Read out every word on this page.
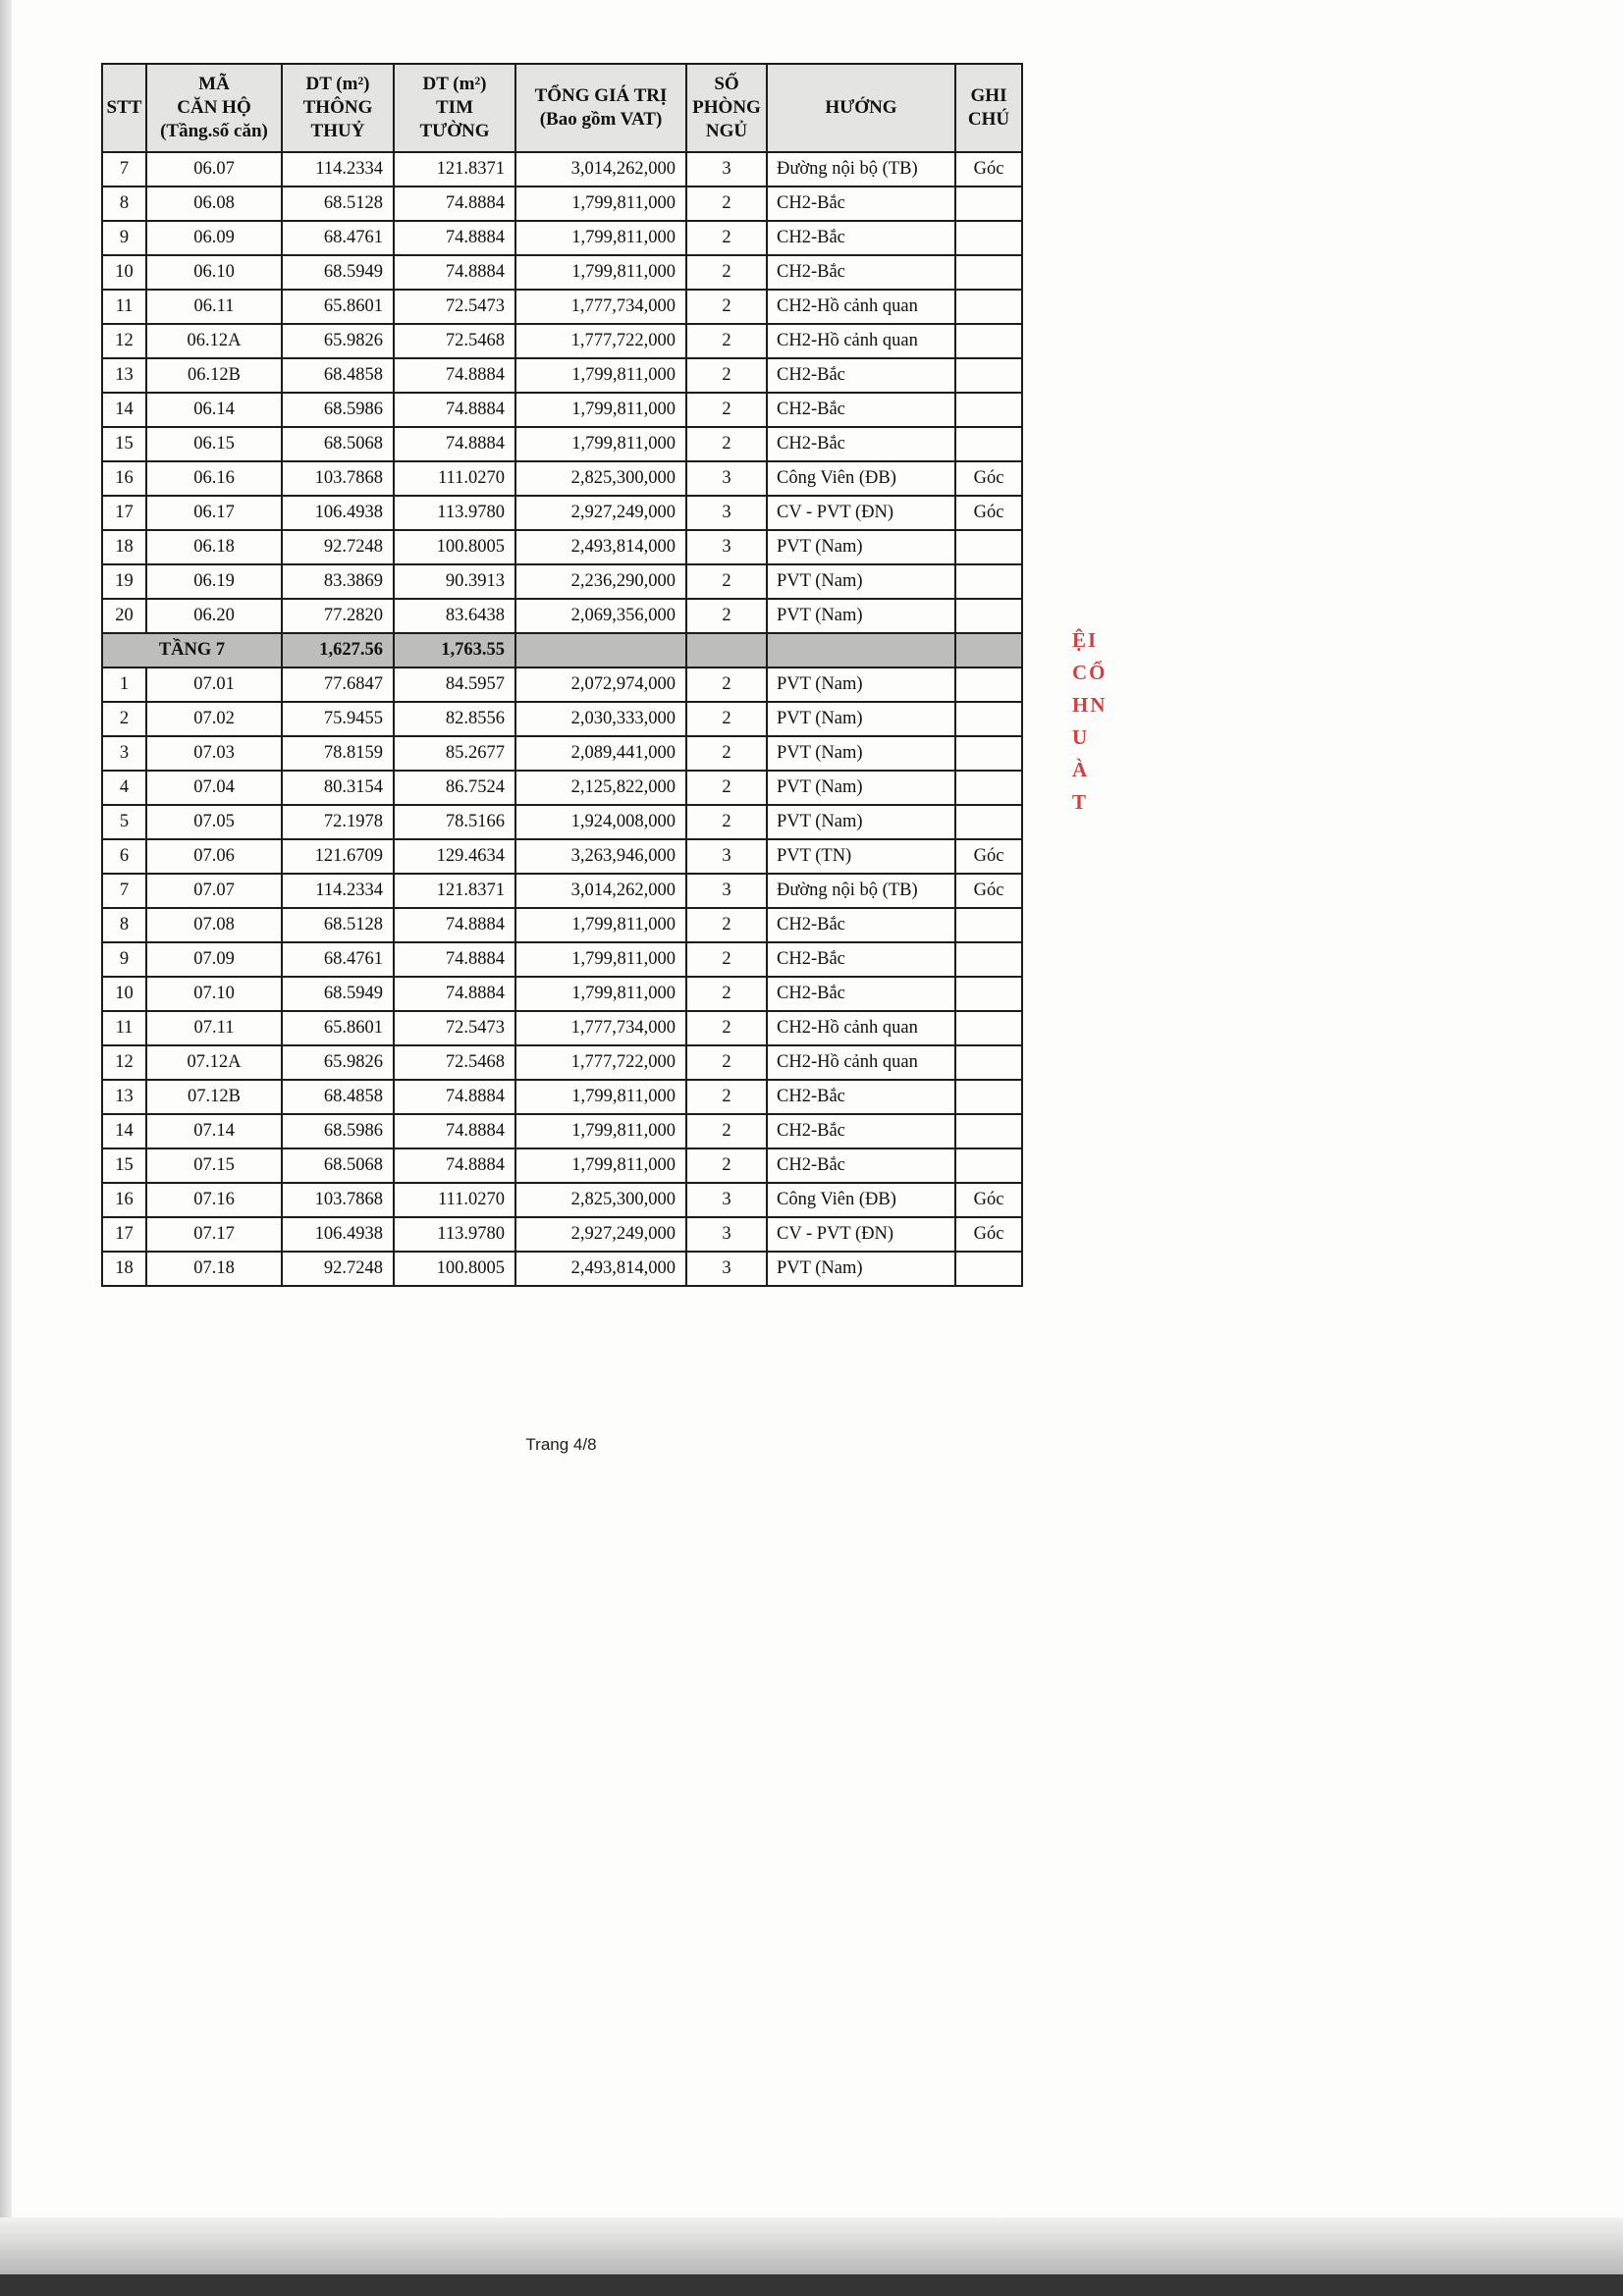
STT	MÃ
CĂN HỘ
(Tầng.số căn)	DT (m²)
THÔNG
THUỶ	DT (m²)
TIM
TƯỜNG	TỔNG GIÁ TRỊ
(Bao gồm VAT)	SỐ
PHÒNG
NGỦ	HƯỚNG	GHI
CHÚ
7	06.07	114.2334	121.8371	3,014,262,000	3	Đường nội bộ (TB)	Góc
8	06.08	68.5128	74.8884	1,799,811,000	2	CH2-Bắc	
9	06.09	68.4761	74.8884	1,799,811,000	2	CH2-Bắc	
10	06.10	68.5949	74.8884	1,799,811,000	2	CH2-Bắc	
11	06.11	65.8601	72.5473	1,777,734,000	2	CH2-Hồ cảnh quan	
12	06.12A	65.9826	72.5468	1,777,722,000	2	CH2-Hồ cảnh quan	
13	06.12B	68.4858	74.8884	1,799,811,000	2	CH2-Bắc	
14	06.14	68.5986	74.8884	1,799,811,000	2	CH2-Bắc	
15	06.15	68.5068	74.8884	1,799,811,000	2	CH2-Bắc	
16	06.16	103.7868	111.0270	2,825,300,000	3	Công Viên (ĐB)	Góc
17	06.17	106.4938	113.9780	2,927,249,000	3	CV - PVT (ĐN)	Góc
18	06.18	92.7248	100.8005	2,493,814,000	3	PVT (Nam)	
19	06.19	83.3869	90.3913	2,236,290,000	2	PVT (Nam)	
20	06.20	77.2820	83.6438	2,069,356,000	2	PVT (Nam)	
TẦNG 7		1,627.56	1,763.55				
1	07.01	77.6847	84.5957	2,072,974,000	2	PVT (Nam)	
2	07.02	75.9455	82.8556	2,030,333,000	2	PVT (Nam)	
3	07.03	78.8159	85.2677	2,089,441,000	2	PVT (Nam)	
4	07.04	80.3154	86.7524	2,125,822,000	2	PVT (Nam)	
5	07.05	72.1978	78.5166	1,924,008,000	2	PVT (Nam)	
6	07.06	121.6709	129.4634	3,263,946,000	3	PVT (TN)	Góc
7	07.07	114.2334	121.8371	3,014,262,000	3	Đường nội bộ (TB)	Góc
8	07.08	68.5128	74.8884	1,799,811,000	2	CH2-Bắc	
9	07.09	68.4761	74.8884	1,799,811,000	2	CH2-Bắc	
10	07.10	68.5949	74.8884	1,799,811,000	2	CH2-Bắc	
11	07.11	65.8601	72.5473	1,777,734,000	2	CH2-Hồ cảnh quan	
12	07.12A	65.9826	72.5468	1,777,722,000	2	CH2-Hồ cảnh quan	
13	07.12B	68.4858	74.8884	1,799,811,000	2	CH2-Bắc	
14	07.14	68.5986	74.8884	1,799,811,000	2	CH2-Bắc	
15	07.15	68.5068	74.8884	1,799,811,000	2	CH2-Bắc	
16	07.16	103.7868	111.0270	2,825,300,000	3	Công Viên (ĐB)	Góc
17	07.17	106.4938	113.9780	2,927,249,000	3	CV - PVT (ĐN)	Góc
18	07.18	92.7248	100.8005	2,493,814,000	3	PVT (Nam)	
ỆI
CỔ
HN
U
À
T
Trang 4/8
